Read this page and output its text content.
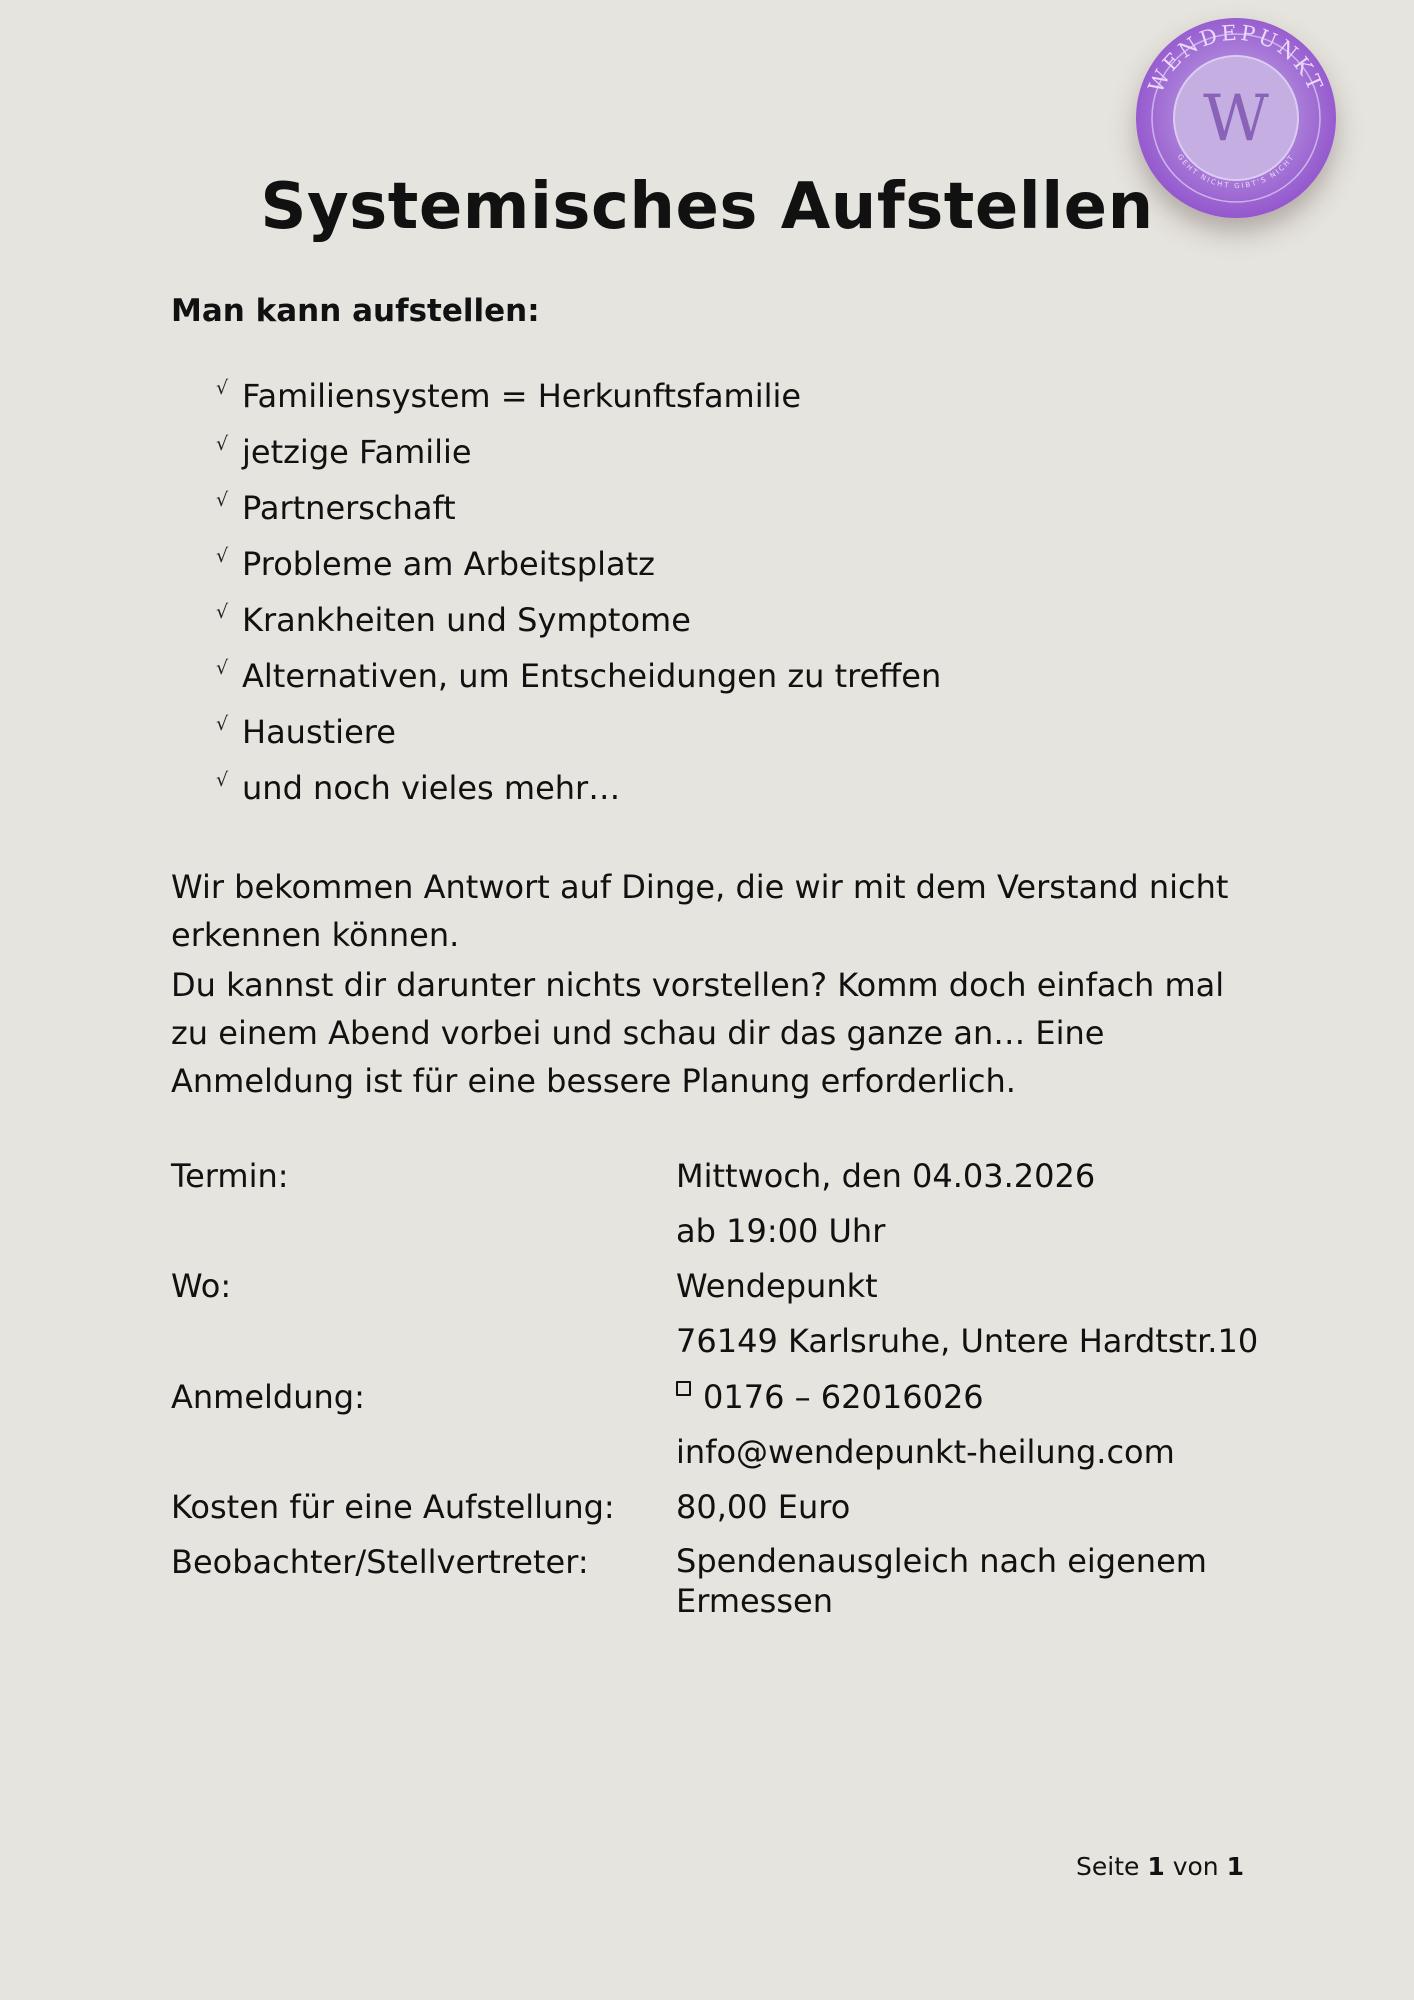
WENDEPUNKT
GEHT NICHT GIBT'S NICHT
W
Systemisches Aufstellen

Man kann aufstellen:

√ Familiensystem = Herkunftsfamilie
√ jetzige Familie
√ Partnerschaft
√ Probleme am Arbeitsplatz
√ Krankheiten und Symptome
√ Alternativen, um Entscheidungen zu treffen
√ Haustiere
√ und noch vieles mehr…

Wir bekommen Antwort auf Dinge, die wir mit dem Verstand nicht erkennen können.

Du kannst dir darunter nichts vorstellen? Komm doch einfach mal zu einem Abend vorbei und schau dir das ganze an… Eine Anmeldung ist für eine bessere Planung erforderlich.

Termin:	Mittwoch, den 04.03.2026
ab 19:00 Uhr
Wo:	Wendepunkt
76149 Karlsruhe, Untere Hardtstr.10
Anmeldung:	0176 – 62016026
info@wendepunkt-heilung.com
Kosten für eine Aufstellung: 80,00 Euro
Beobachter/Stellvertreter:	Spendenausgleich nach eigenem Ermessen
Seite 1 von 1
